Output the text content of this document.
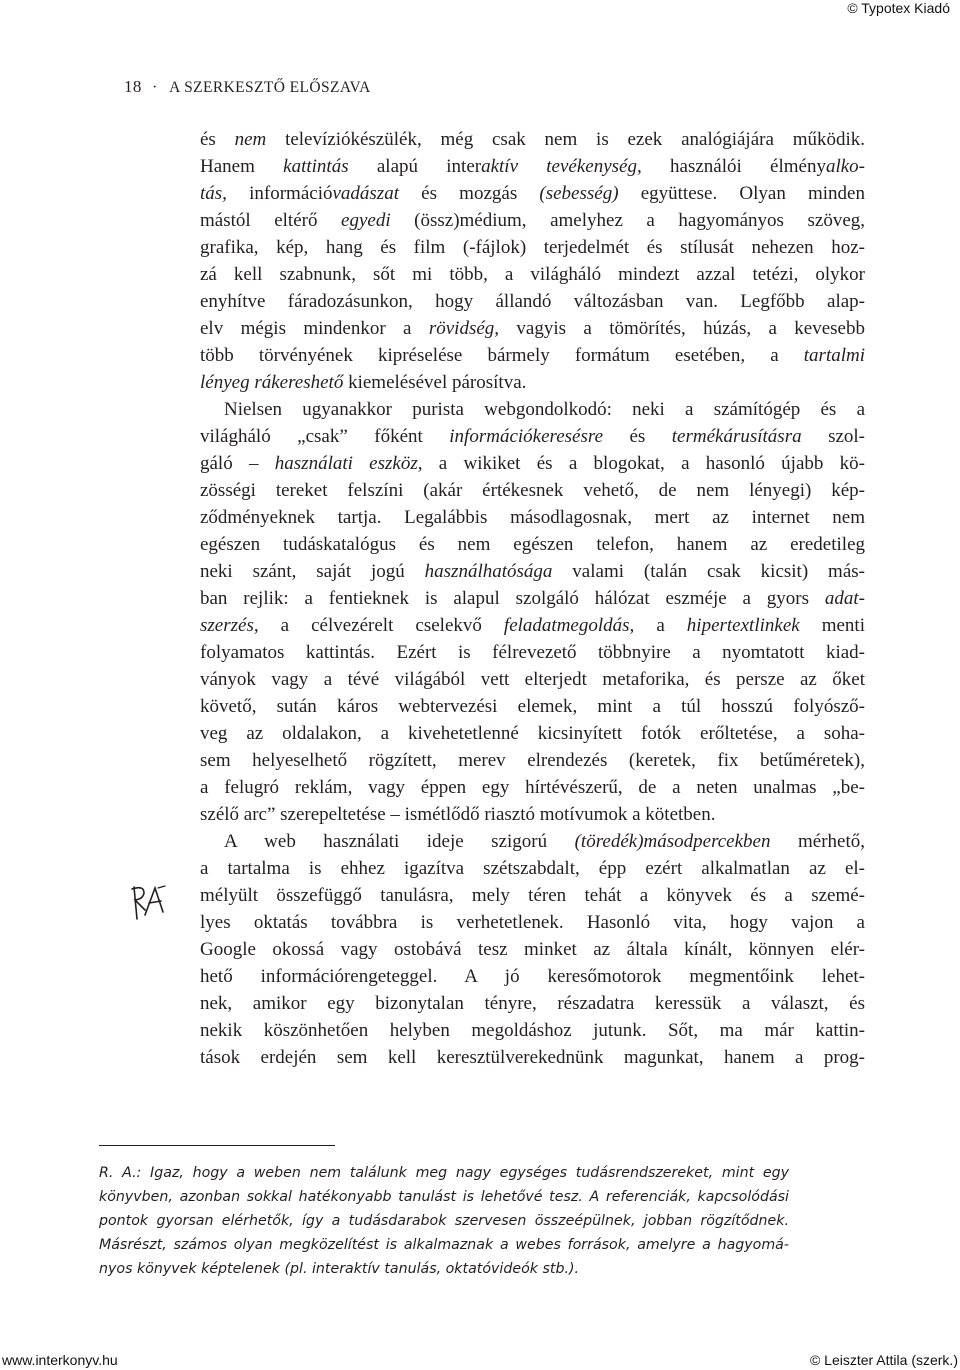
© Typotex Kiadó
18 · A SZERKESZTŐ ELŐSZAVA
és nem televíziókészülék, még csak nem is ezek analógiájára működik.
Hanem kattintás alapú interaktív tevékenység, használói élményalko-
tás, információvadászat és mozgás (sebesség) együttese. Olyan minden
mástól eltérő egyedi (össz)médium, amelyhez a hagyományos szöveg,
grafika, kép, hang és film (-fájlok) terjedelmét és stílusát nehezen hoz-
zá kell szabnunk, sőt mi több, a világháló mindezt azzal tetézi, olykor
enyhítve fáradozásunkon, hogy állandó változásban van. Legfőbb alap-
elv mégis mindenkor a rövidség, vagyis a tömörítés, húzás, a kevesebb
több törvényének kipréselése bármely formátum esetében, a tartalmi
lényeg rákereshető kiemelésével párosítva.
Nielsen ugyanakkor purista webgondolkodó: neki a számítógép és a
világháló „csak” főként információkeresésre és termékárusításra szol-
gáló – használati eszköz, a wikiket és a blogokat, a hasonló újabb kö-
zösségi tereket felszíni (akár értékesnek vehető, de nem lényegi) kép-
ződményeknek tartja. Legalábbis másodlagosnak, mert az internet nem
egészen tudáskatalógus és nem egészen telefon, hanem az eredetileg
neki szánt, saját jogú használhatósága valami (talán csak kicsit) más-
ban rejlik: a fentieknek is alapul szolgáló hálózat eszméje a gyors adat-
szerzés, a célvezérelt cselekvő feladatmegoldás, a hipertextlinkek menti
folyamatos kattintás. Ezért is félrevezető többnyire a nyomtatott kiad-
ványok vagy a tévé világából vett elterjedt metaforika, és persze az őket
követő, sután káros webtervezési elemek, mint a túl hosszú folyósző-
veg az oldalakon, a kivehetetlenné kicsinyített fotók erőltetése, a soha-
sem helyeselhető rögzített, merev elrendezés (keretek, fix betűméretek),
a felugró reklám, vagy éppen egy hírtévészerű, de a neten unalmas „be-
szélő arc” szerepeltetése – ismétlődő riasztó motívumok a kötetben.
A web használati ideje szigorú (töredék)másodpercekben mérhető,
a tartalma is ehhez igazítva szétszabdalt, épp ezért alkalmatlan az el-
mélyült összefüggő tanulásra, mely téren tehát a könyvek és a szemé-
lyes oktatás továbbra is verhetetlenek. Hasonló vita, hogy vajon a
Google okossá vagy ostobává tesz minket az általa kínált, könnyen elér-
hető információrengeteggel. A jó keresőmotorok megmentőink lehet-
nek, amikor egy bizonytalan tényre, részadatra keressük a választ, és
nekik köszönhetően helyben megoldáshoz jutunk. Sőt, ma már kattin-
tások erdején sem kell keresztülverekednünk magunkat, hanem a prog-
R. A.: Igaz, hogy a weben nem találunk meg nagy egységes tudásrendszereket, mint egy
könyvben, azonban sokkal hatékonyabb tanulást is lehetővé tesz. A referenciák, kapcsolódási
pontok gyorsan elérhetők, így a tudásdarabok szervesen összeépülnek, jobban rögzítődnek.
Másrészt, számos olyan megközelítést is alkalmaznak a webes források, amelyre a hagyomá-
nyos könyvek képtelenek (pl. interaktív tanulás, oktatóvideók stb.).
www.interkonyv.hu	© Leiszter Attila (szerk.)
